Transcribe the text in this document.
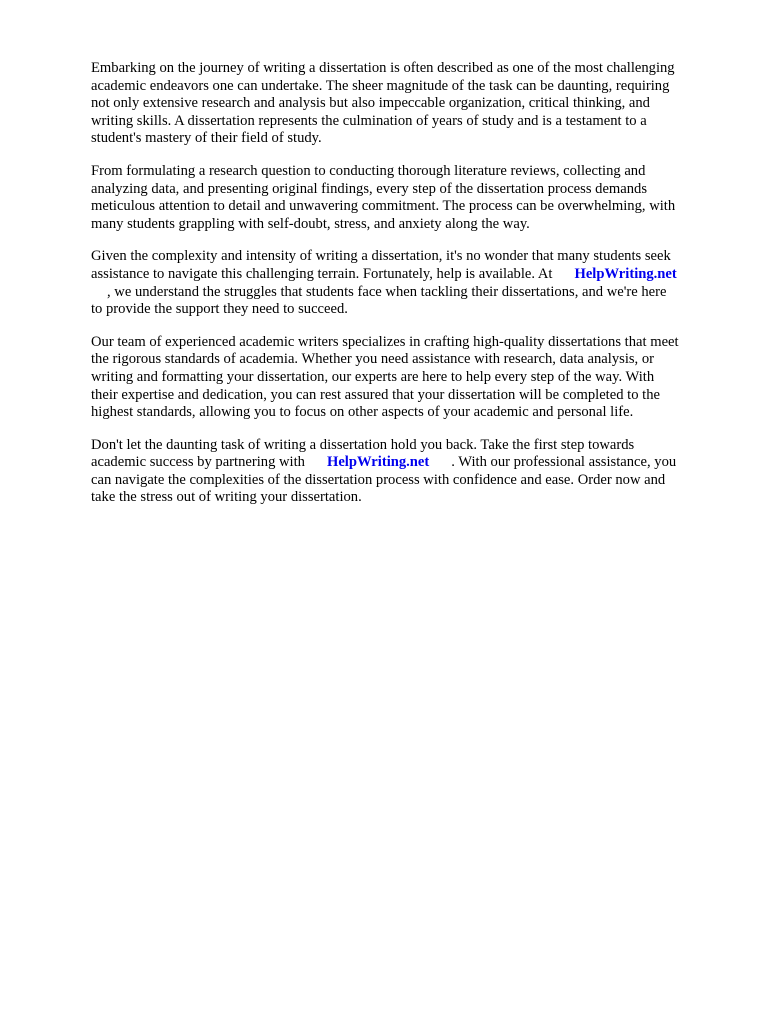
Embarking on the journey of writing a dissertation is often described as one of the most challenging
academic endeavors one can undertake. The sheer magnitude of the task can be daunting, requiring
not only extensive research and analysis but also impeccable organization, critical thinking, and
writing skills. A dissertation represents the culmination of years of study and is a testament to a
student's mastery of their field of study.

From formulating a research question to conducting thorough literature reviews, collecting and
analyzing data, and presenting original findings, every step of the dissertation process demands
meticulous attention to detail and unwavering commitment. The process can be overwhelming, with
many students grappling with self-doubt, stress, and anxiety along the way.

Given the complexity and intensity of writing a dissertation, it's no wonder that many students seek
assistance to navigate this challenging terrain. Fortunately, help is available. At HelpWriting.net
, we understand the struggles that students face when tackling their dissertations, and we're here
to provide the support they need to succeed.

Our team of experienced academic writers specializes in crafting high-quality dissertations that meet
the rigorous standards of academia. Whether you need assistance with research, data analysis, or
writing and formatting your dissertation, our experts are here to help every step of the way. With
their expertise and dedication, you can rest assured that your dissertation will be completed to the
highest standards, allowing you to focus on other aspects of your academic and personal life.

Don't let the daunting task of writing a dissertation hold you back. Take the first step towards
academic success by partnering with HelpWriting.net . With our professional assistance, you
can navigate the complexities of the dissertation process with confidence and ease. Order now and
take the stress out of writing your dissertation.
